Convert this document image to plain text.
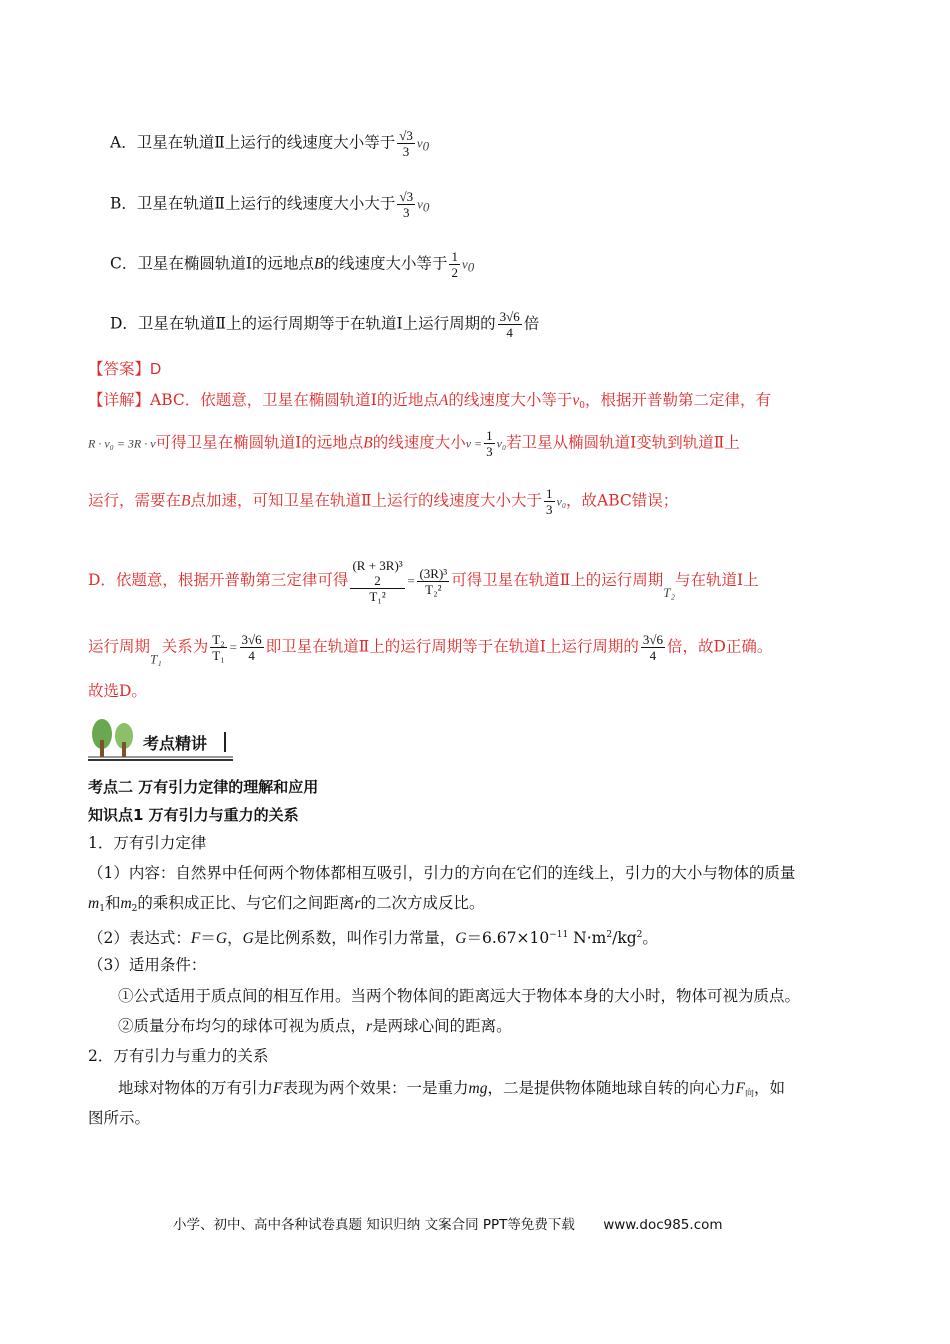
A．卫星在轨道Ⅱ上运行的线速度大小等于 $\frac{√3}{3} v_0$
B．卫星在轨道Ⅱ上运行的线速度大小大于 $\frac{√3}{3} v_0$
C．卫星在椭圆轨道Ⅰ的远地点B的线速度大小等于 $\frac{1}{2} v_0$
D．卫星在轨道Ⅱ上的运行周期等于在轨道Ⅰ上运行周期的 $\frac{3√6}{4}$ 倍
【答案】D
【详解】ABC．依题意，卫星在椭圆轨道Ⅰ的近地点A的线速度大小等于$v_0$，根据开普勒第二定律，有
R · v₀ = 3R · v可得卫星在椭圆轨道Ⅰ的远地点B的线速度大小$v = \frac{1}{3} v_0$若卫星从椭圆轨道Ⅰ变轨到轨道Ⅱ上
运行，需要在B点加速，可知卫星在轨道Ⅱ上运行的线速度大小大于 $\frac{1}{3} v_0$，故ABC错误；
D．依题意，根据开普勒第三定律可得
(R + 3R)³
2
T₁²
= $\frac{\text{(3R)³}}{\text{T₂²}}$ 可得卫星在轨道Ⅱ上的运行周期$_{T_2}$与在轨道Ⅰ上
运行周期$_{T_1}$关系为 $\frac{\text{T₂}}{\text{T₁}} = \frac{3√6}{4}$ 即卫星在轨道Ⅱ上的运行周期等于在轨道Ⅰ上运行周期的 $\frac{3√6}{4}$ 倍，故D正确。
故选D。
考点精讲
考点二 万有引力定律的理解和应用
知识点1 万有引力与重力的关系
1．万有引力定律
（1）内容：自然界中任何两个物体都相互吸引，引力的方向在它们的连线上，引力的大小与物体的质量
$m_1$和$m_2$的乘积成正比、与它们之间距离r的二次方成反比。
（2）表达式：F＝G，G是比例系数，叫作引力常量，$G=6.67\times 10^{-11}$ $N\cdot m^2/kg^2$。
（3）适用条件：
①公式适用于质点间的相互作用。当两个物体间的距离远大于物体本身的大小时，物体可视为质点。
②质量分布均匀的球体可视为质点，r是两球心间的距离。
2．万有引力与重力的关系
地球对物体的万有引力F表现为两个效果：一是重力mg，二是提供物体随地球自转的向心力$F_向$，如
图所示。
小学、初中、高中各种试卷真题 知识归纳 文案合同 PPT等免费下载 www.doc985.com
